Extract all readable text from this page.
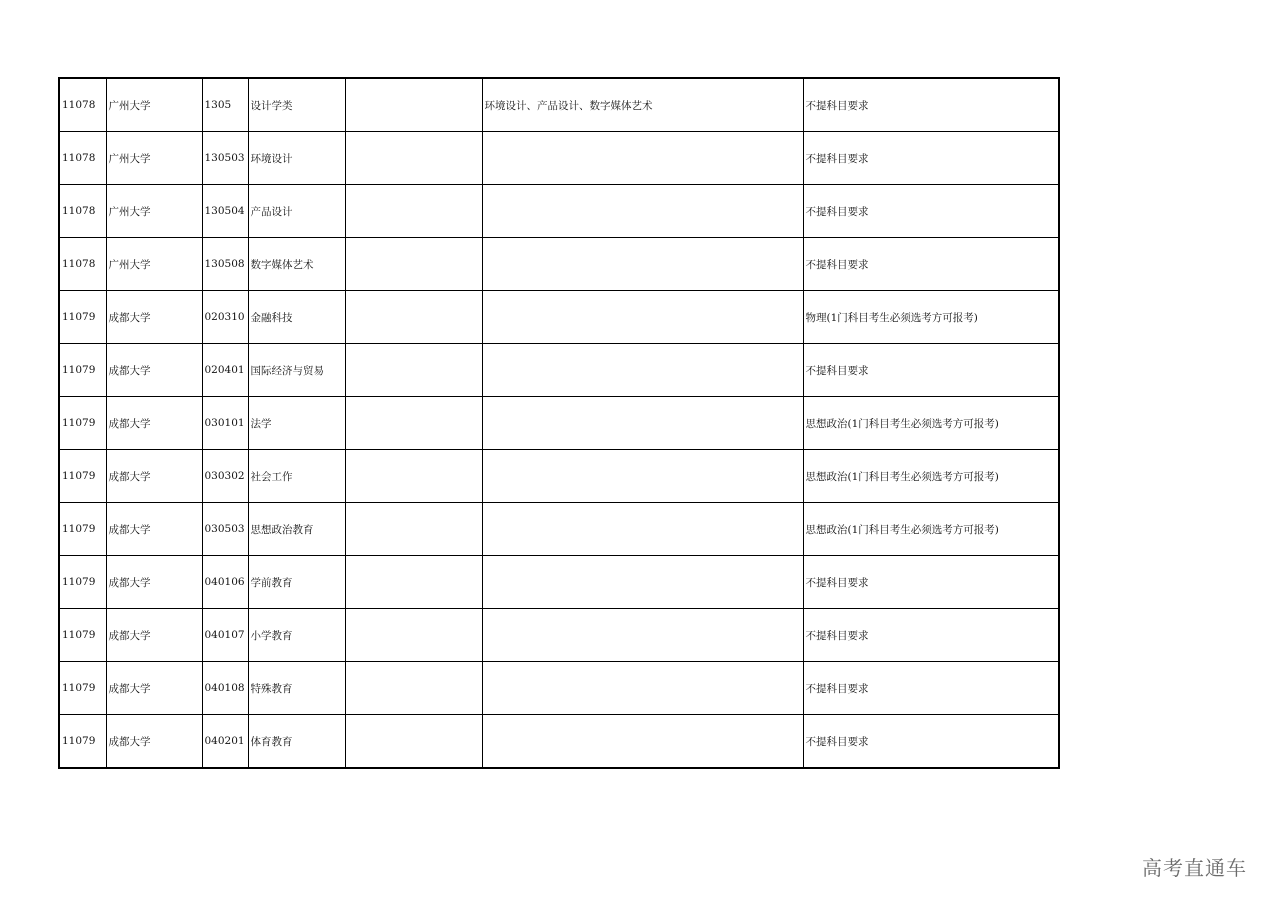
11078	广州大学	1305	设计学类		环境设计、产品设计、数字媒体艺术	不提科目要求
11078	广州大学	130503	环境设计			不提科目要求
11078	广州大学	130504	产品设计			不提科目要求
11078	广州大学	130508	数字媒体艺术			不提科目要求
11079	成都大学	020310	金融科技			物理(1门科目考生必须选考方可报考)
11079	成都大学	020401	国际经济与贸易			不提科目要求
11079	成都大学	030101	法学			思想政治(1门科目考生必须选考方可报考)
11079	成都大学	030302	社会工作			思想政治(1门科目考生必须选考方可报考)
11079	成都大学	030503	思想政治教育			思想政治(1门科目考生必须选考方可报考)
11079	成都大学	040106	学前教育			不提科目要求
11079	成都大学	040107	小学教育			不提科目要求
11079	成都大学	040108	特殊教育			不提科目要求
11079	成都大学	040201	体育教育			不提科目要求
高考直通车
